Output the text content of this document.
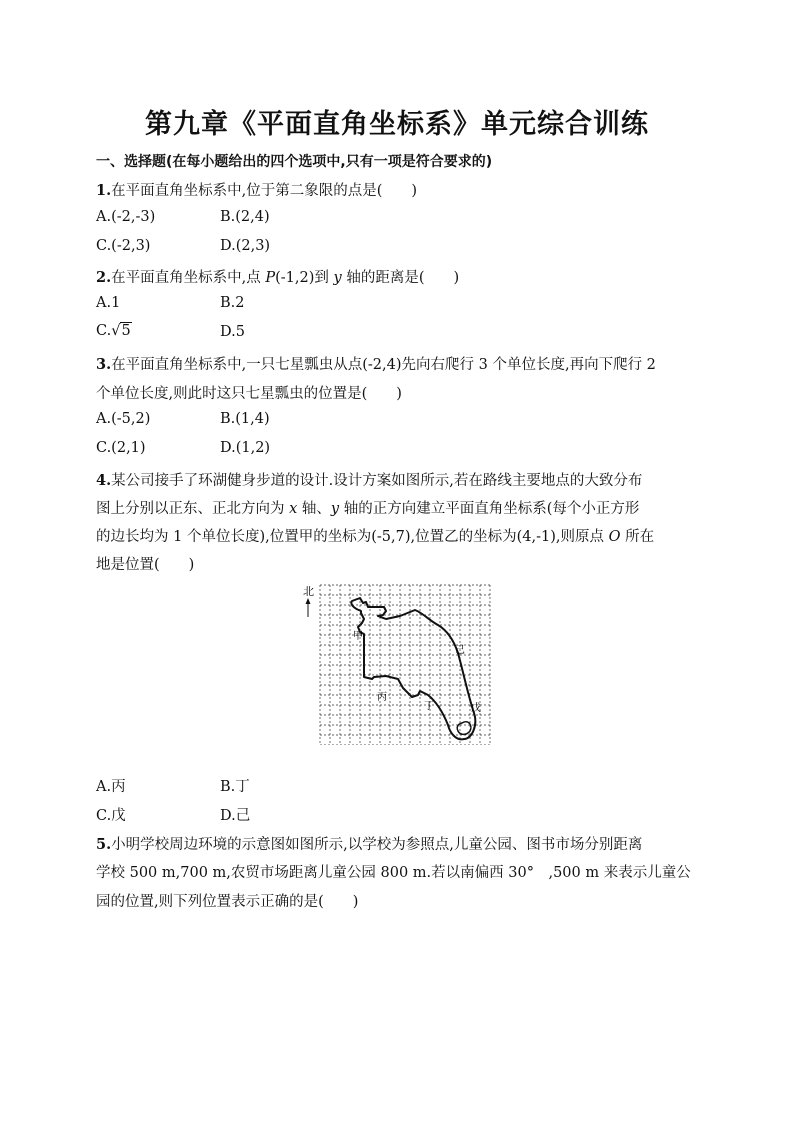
第九章《平面直角坐标系》单元综合训练
一、选择题(在每小题给出的四个选项中,只有一项是符合要求的)
1.在平面直角坐标系中,位于第二象限的点是(　　)
A.(-2,-3)	B.(2,4)
C.(-2,3)	D.(2,3)
2.在平面直角坐标系中,点 P(-1,2)到 y 轴的距离是(　　)
A.1	B.2
C.√5	D.5
3.在平面直角坐标系中,一只七星瓢虫从点(-2,4)先向右爬行 3 个单位长度,再向下爬行 2
个单位长度,则此时这只七星瓢虫的位置是(　　)
A.(-5,2)	B.(1,4)
C.(2,1)	D.(1,2)
4.某公司接手了环湖健身步道的设计.设计方案如图所示,若在路线主要地点的大致分布
图上分别以正东、正北方向为 x 轴、y 轴的正方向建立平面直角坐标系(每个小正方形
的边长均为 1 个单位长度),位置甲的坐标为(-5,7),位置乙的坐标为(4,-1),则原点 O 所在
地是位置(　　)
北
甲
丙
丁	戊
己
A.丙	B.丁
C.戊	D.己
5.小明学校周边环境的示意图如图所示,以学校为参照点,儿童公园、图书市场分别距离
学校 500 m,700 m,农贸市场距离儿童公园 800 m.若以南偏西 30°　,500 m 来表示儿童公
园的位置,则下列位置表示正确的是(　　)
